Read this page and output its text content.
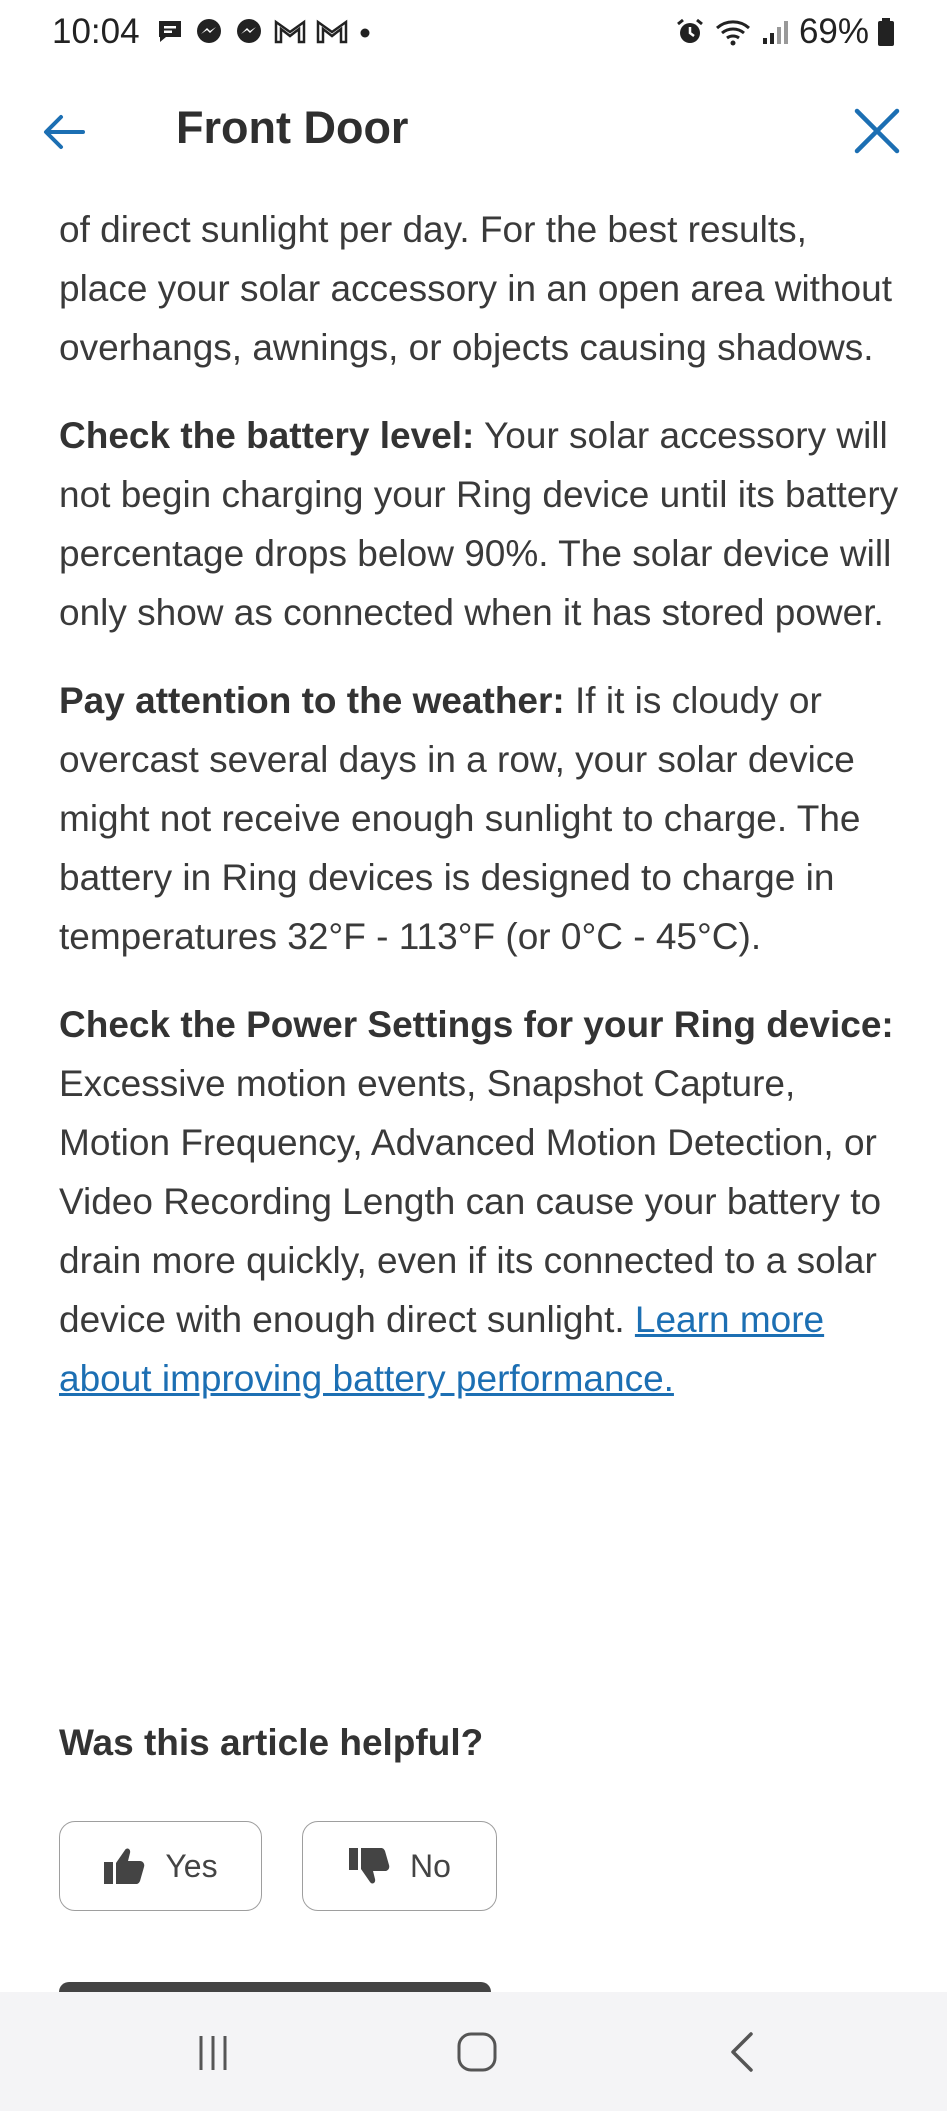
10:04	69%
Front Door

of direct sunlight per day. For the best results, place your solar accessory in an open area without overhangs, awnings, or objects causing shadows.

Check the battery level: Your solar accessory will not begin charging your Ring device until its battery percentage drops below 90%. The solar device will only show as connected when it has stored power.

Pay attention to the weather: If it is cloudy or overcast several days in a row, your solar device might not receive enough sunlight to charge. The battery in Ring devices is designed to charge in temperatures 32°F - 113°F (or 0°C - 45°C).

Check the Power Settings for your Ring device: Excessive motion events, Snapshot Capture, Motion Frequency, Advanced Motion Detection, or Video Recording Length can cause your battery to drain more quickly, even if its connected to a solar device with enough direct sunlight. Learn more about improving battery performance.

Was this article helpful?
Yes	No
